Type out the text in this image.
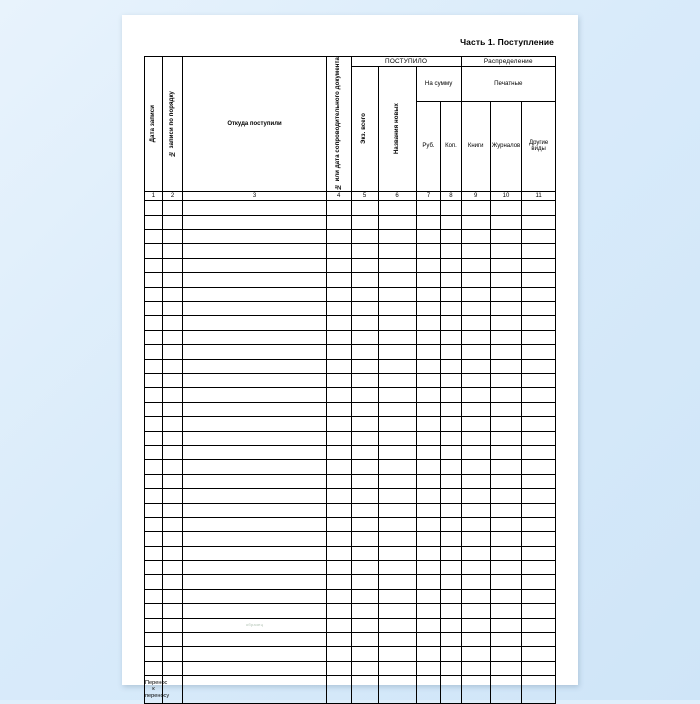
Часть 1. Поступление
Дата записи	№ записи по порядку	Откуда поступили	№ или дата сопроводительного документа	ПОСТУПИЛО				Распределение		
				Экз. всего	Названия новых	На сумму		Печатные		
						Руб.	Коп.	Книги	Журналов	Другие виды

1	2	3	4	5	6	7	8	9	10	11

		образец								

Перенос к переносу										
